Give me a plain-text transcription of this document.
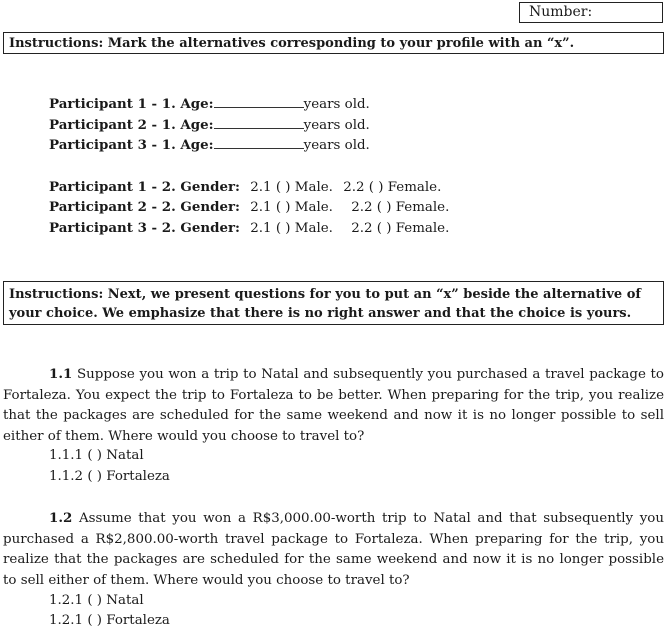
Number:
Instructions: Mark the alternatives corresponding to your profile with an “x”.
Participant 1 - 1. Age:	years old.
Participant 2 - 1. Age:	years old.
Participant 3 - 1. Age:	years old.
Participant 1 - 2. Gender: 2.1 ( ) Male. 2.2 ( ) Female.
Participant 2 - 2. Gender: 2.1 ( ) Male. 2.2 ( ) Female.
Participant 3 - 2. Gender: 2.1 ( ) Male. 2.2 ( ) Female.
Instructions: Next, we present questions for you to put an “x” beside the alternative of your choice. We emphasize that there is no right answer and that the choice is yours.
1.1 Suppose you won a trip to Natal and subsequently you purchased a travel package to Fortaleza. You expect the trip to Fortaleza to be better. When preparing for the trip, you realize that the packages are scheduled for the same weekend and now it is no longer possible to sell either of them. Where would you choose to travel to?
1.1.1 ( ) Natal
1.1.2 ( ) Fortaleza
1.2 Assume that you won a R$3,000.00-worth trip to Natal and that subsequently you purchased a R$2,800.00-worth travel package to Fortaleza. When preparing for the trip, you realize that the packages are scheduled for the same weekend and now it is no longer possible to sell either of them. Where would you choose to travel to?
1.2.1 ( ) Natal
1.2.1 ( ) Fortaleza
